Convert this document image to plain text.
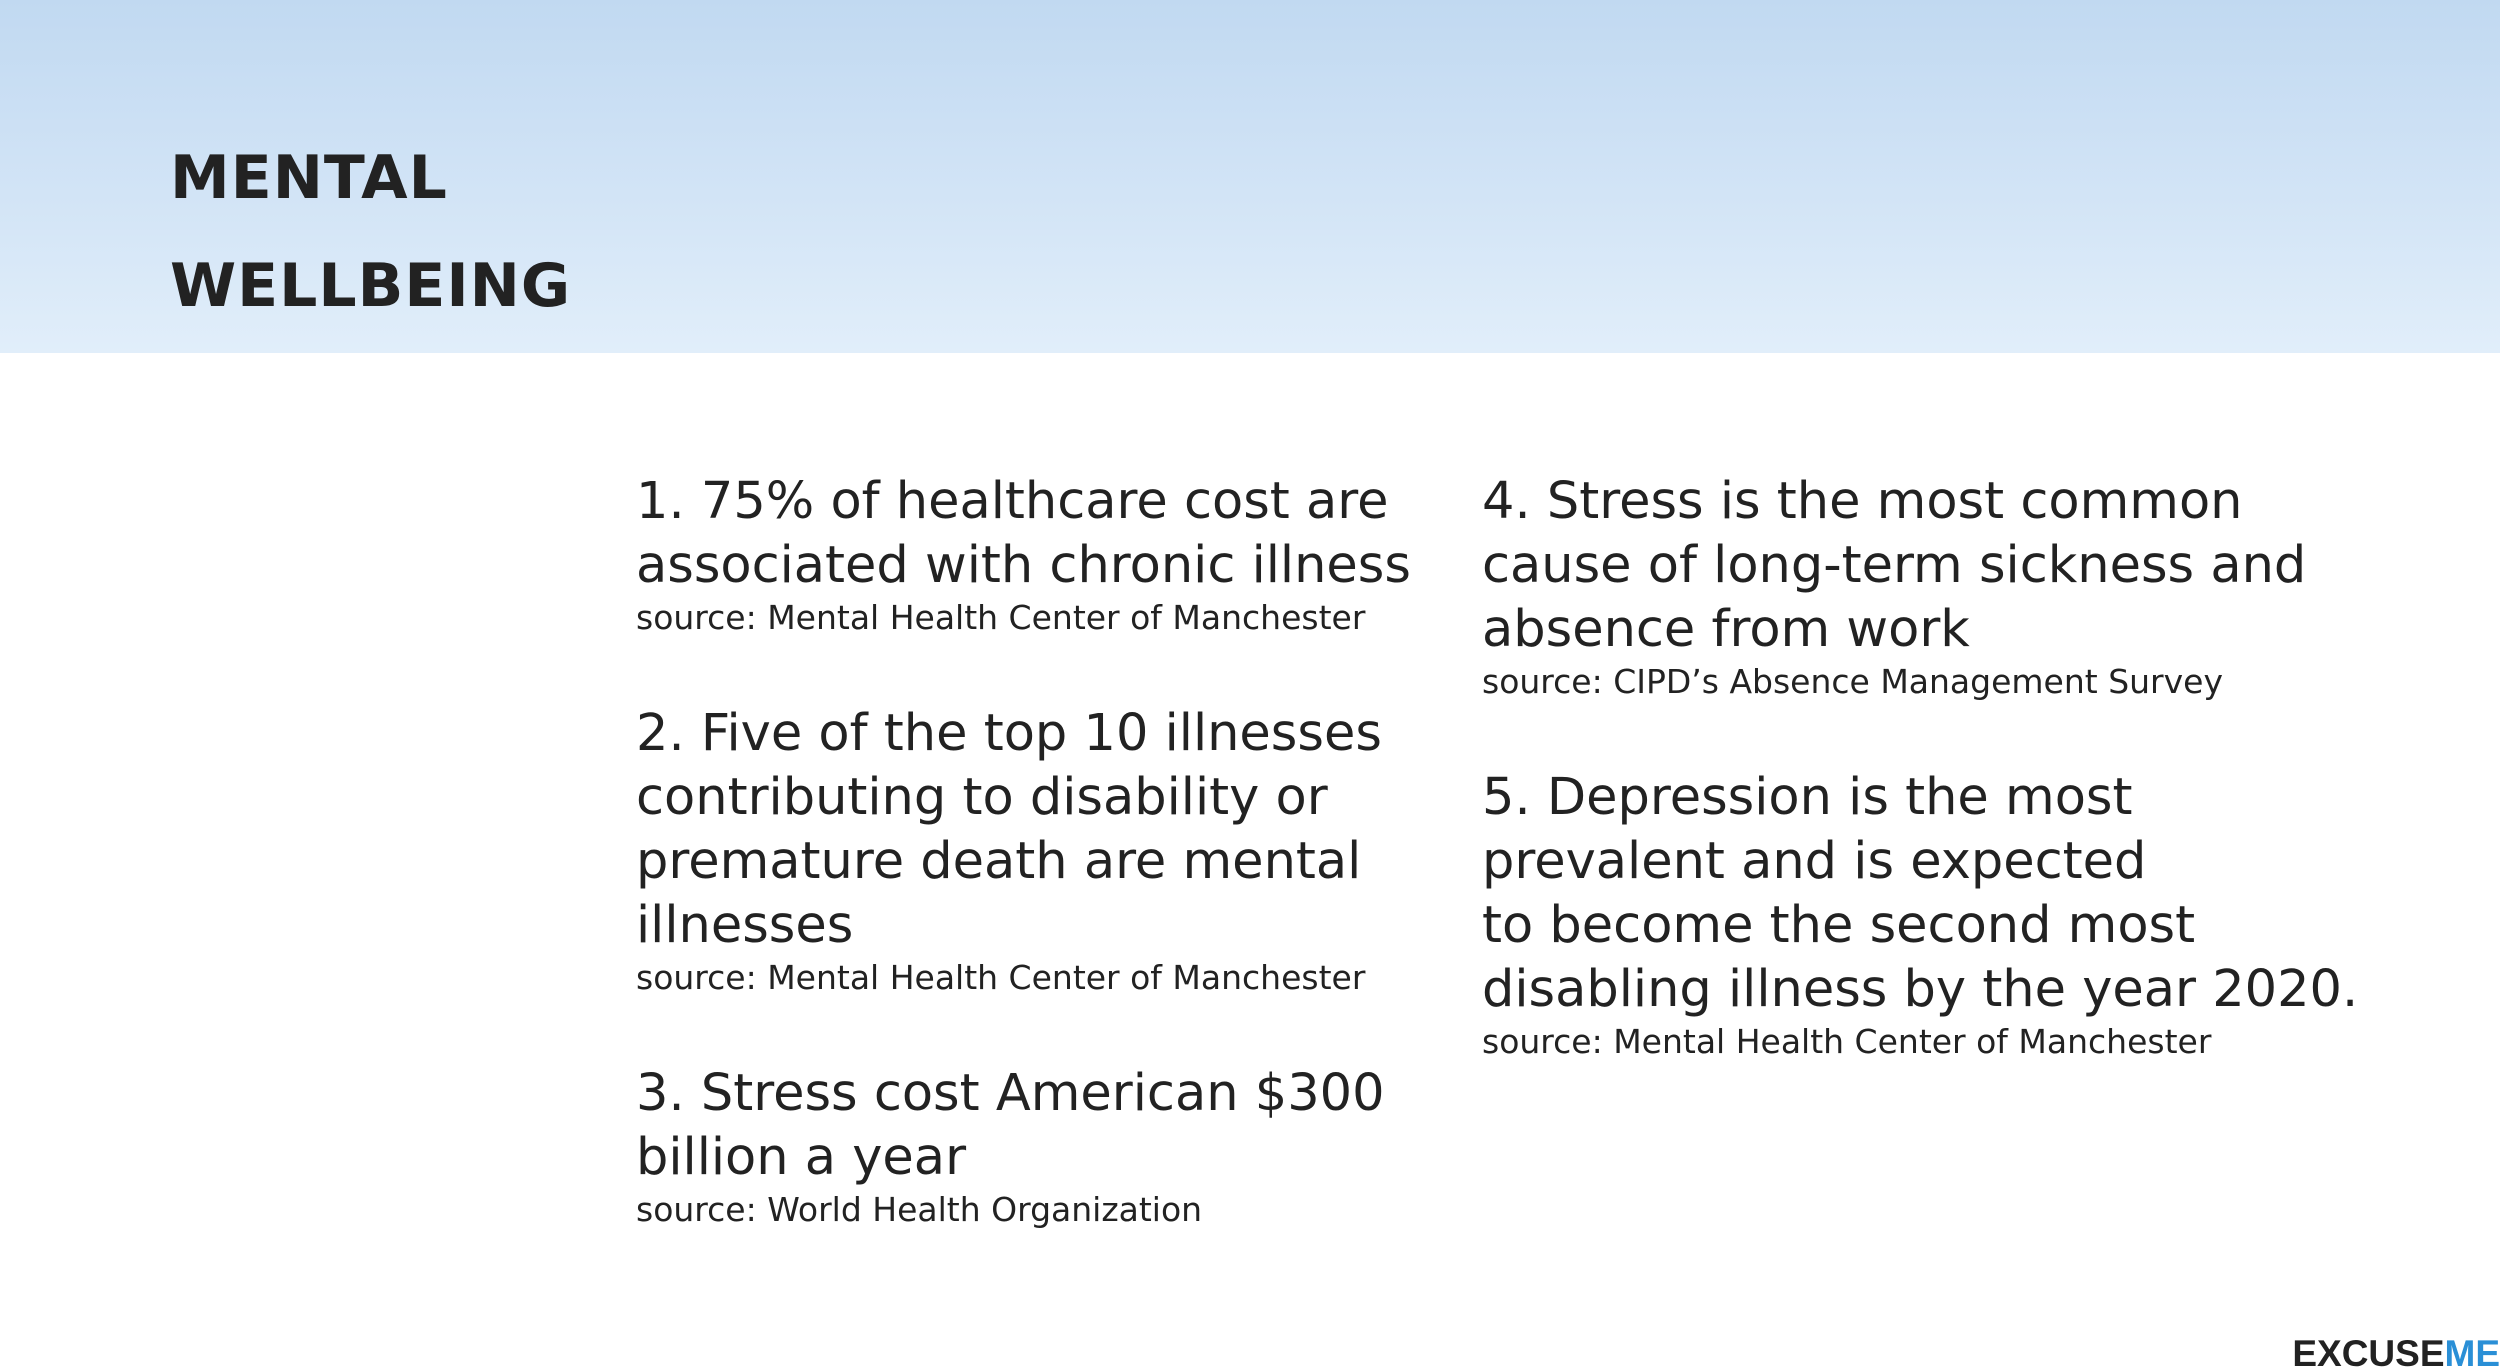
MENTAL
WELLBEING

1. 75% of healthcare cost are
associated with chronic illness

source: Mental Health Center of Manchester

2. Five of the top 10 illnesses
contributing to disability or
premature death are mental
illnesses

source: Mental Health Center of Manchester

3. Stress cost American $300
billion a year

source: World Health Organization

4. Stress is the most common
cause of long-term sickness and
absence from work

source: CIPD’s Absence Management Survey

5. Depression is the most
prevalent and is expected
to become the second most
disabling illness by the year 2020.

source: Mental Health Center of Manchester

EXCUSEME
